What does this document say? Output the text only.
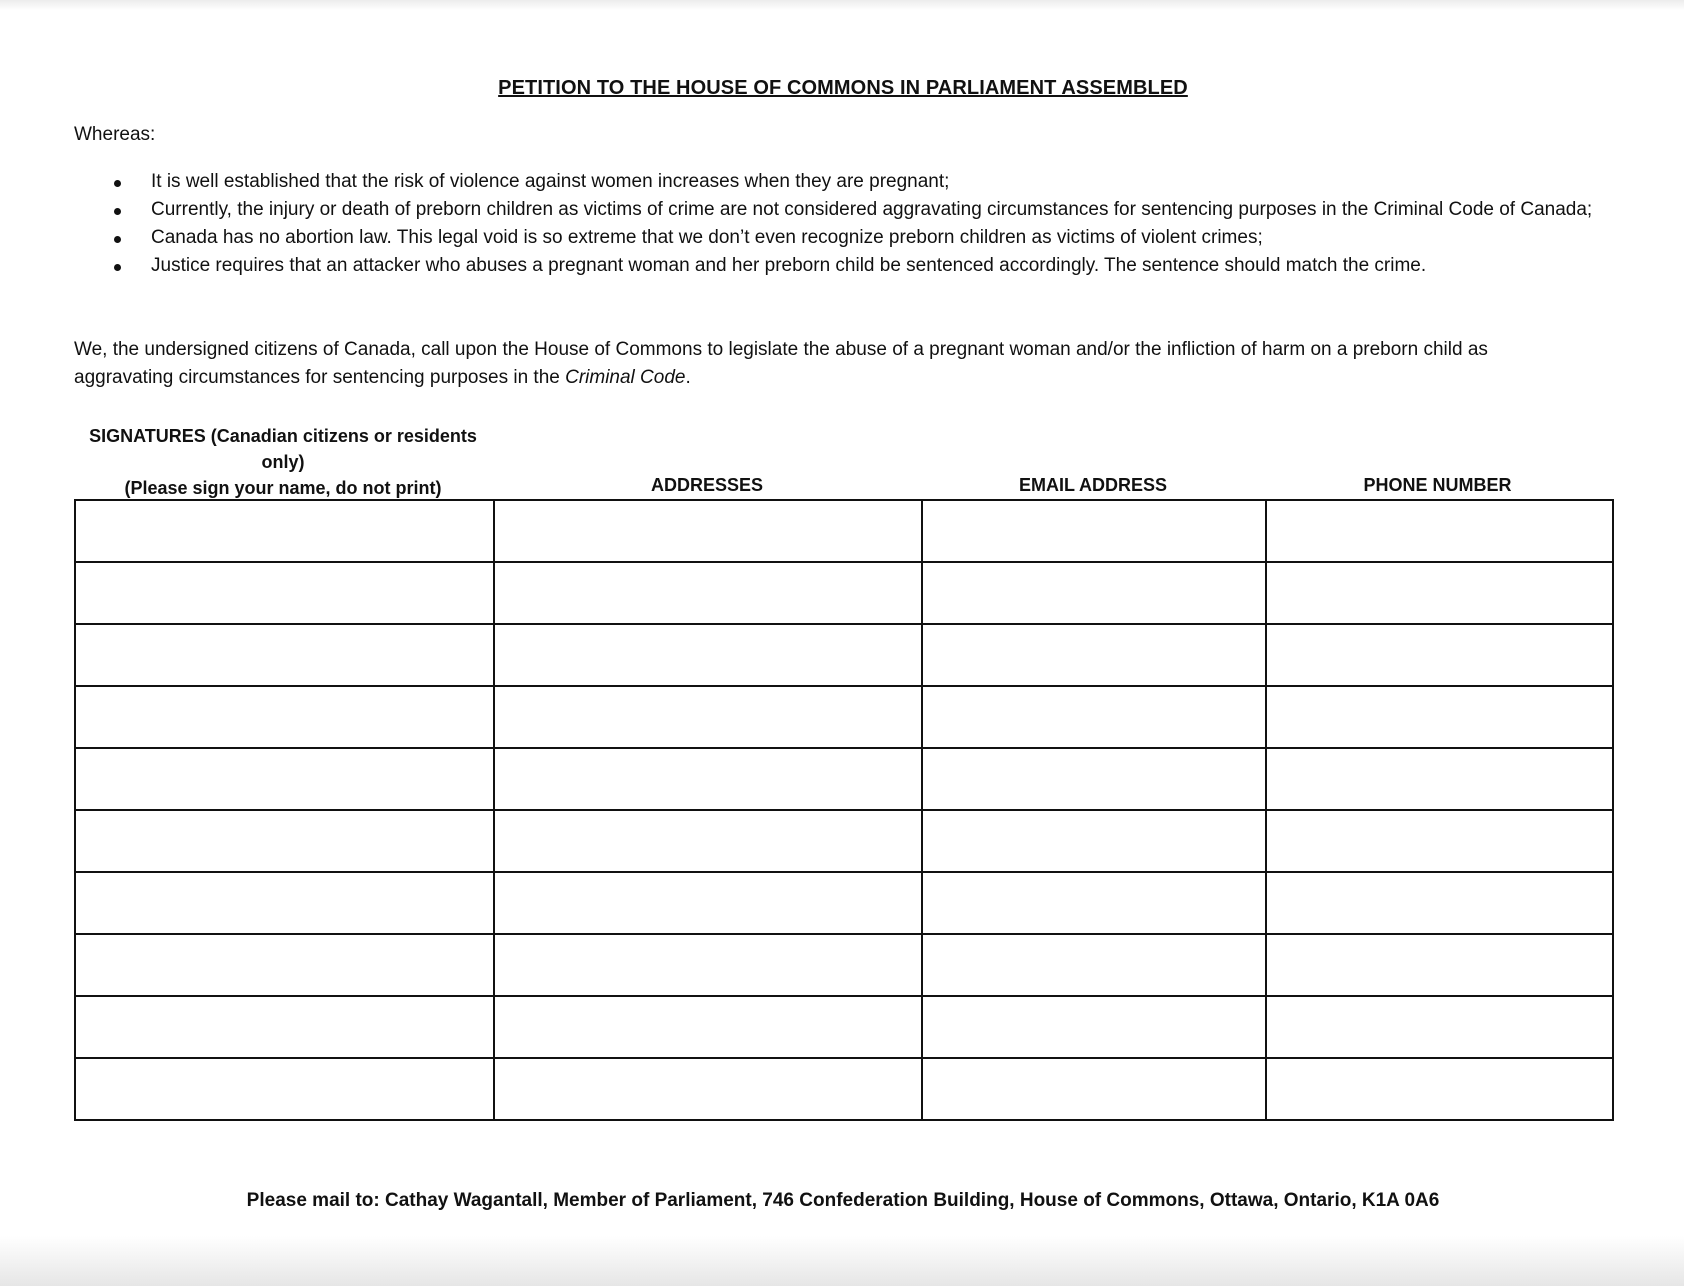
PETITION TO THE HOUSE OF COMMONS IN PARLIAMENT ASSEMBLED
Whereas:
It is well established that the risk of violence against women increases when they are pregnant;
Currently, the injury or death of preborn children as victims of crime are not considered aggravating circumstances for sentencing purposes in the Criminal Code of Canada;
Canada has no abortion law. This legal void is so extreme that we don’t even recognize preborn children as victims of violent crimes;
Justice requires that an attacker who abuses a pregnant woman and her preborn child be sentenced accordingly. The sentence should match the crime.
We, the undersigned citizens of Canada, call upon the House of Commons to legislate the abuse of a pregnant woman and/or the infliction of harm on a preborn child as aggravating circumstances for sentencing purposes in the Criminal Code.
SIGNATURES (Canadian citizens or residents only)
(Please sign your name, do not print)	ADDRESSES	EMAIL ADDRESS	PHONE NUMBER

Please mail to: Cathay Wagantall, Member of Parliament, 746 Confederation Building, House of Commons, Ottawa, Ontario, K1A 0A6
